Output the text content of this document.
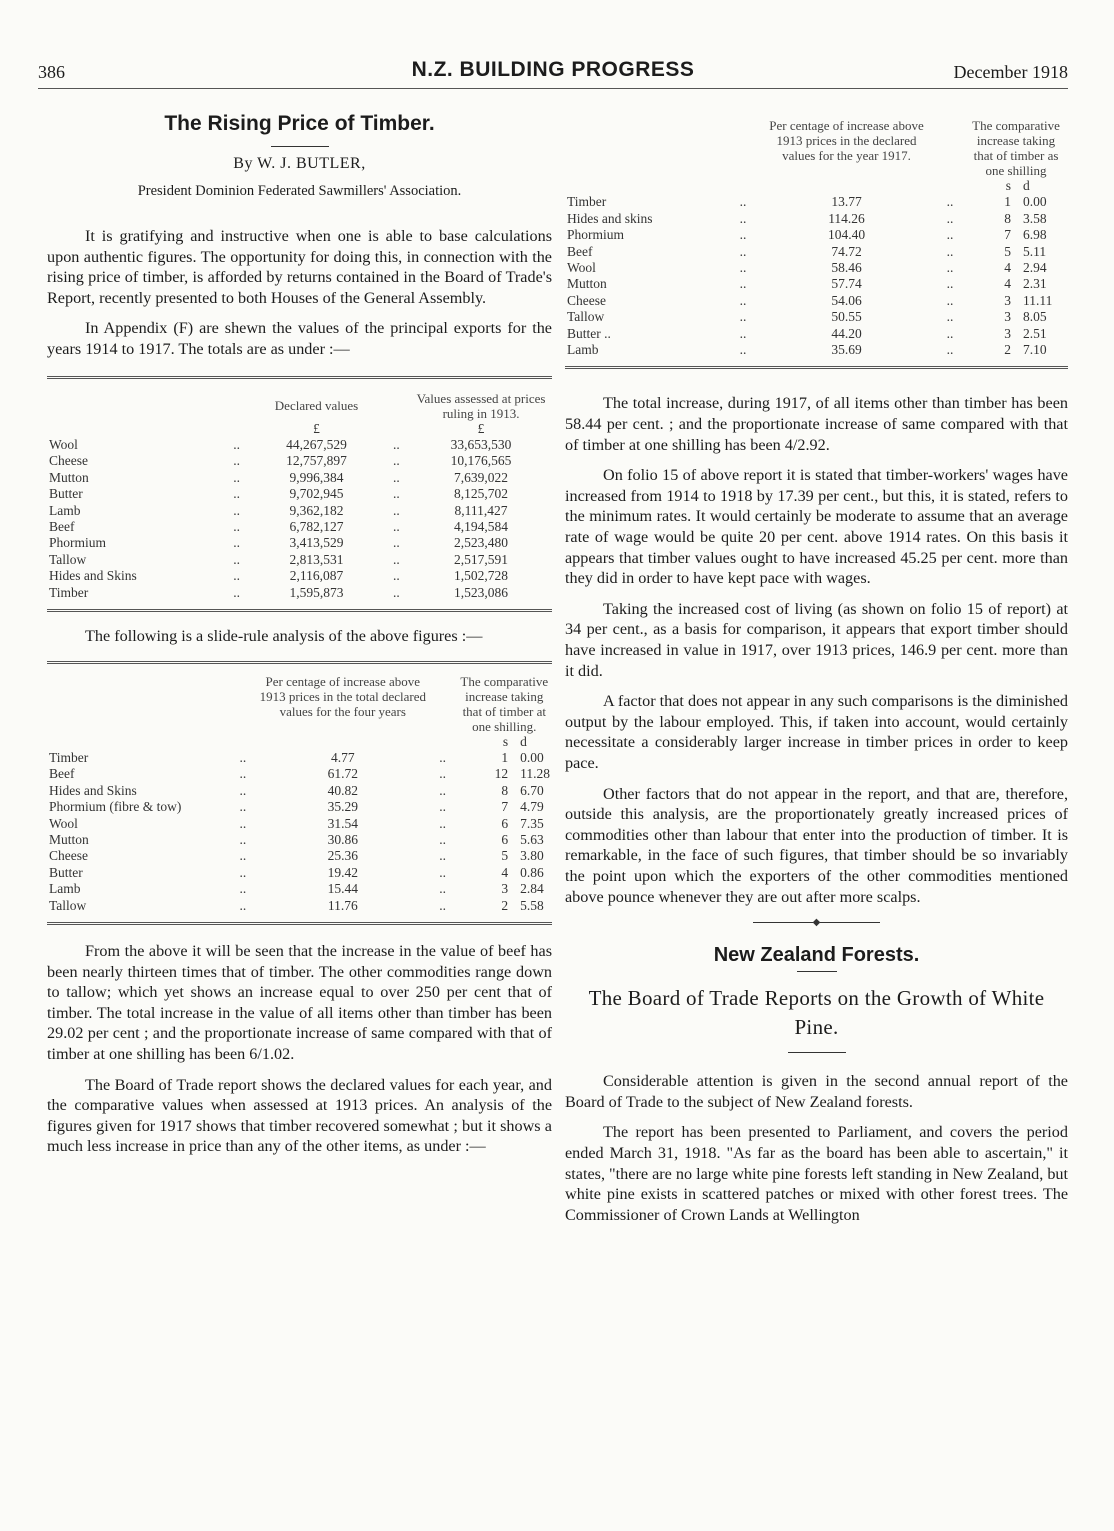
386	N.Z. BUILDING PROGRESS	December 1918
The Rising Price of Timber.
By W. J. BUTLER,
President Dominion Federated Sawmillers' Association.

It is gratifying and instructive when one is able to base calculations upon authentic figures. The opportunity for doing this, in connection with the rising price of timber, is afforded by returns contained in the Board of Trade's Report, recently presented to both Houses of the General Assembly.

In Appendix (F) are shewn the values of the principal exports for the years 1914 to 1917. The totals are as under :—

		Declared values		Values assessed at prices ruling in 1913.
		£		£
Wool	..	44,267,529	..	33,653,530
Cheese	..	12,757,897	..	10,176,565
Mutton	..	9,996,384	..	7,639,022
Butter	..	9,702,945	..	8,125,702
Lamb	..	9,362,182	..	8,111,427
Beef	..	6,782,127	..	4,194,584
Phormium	..	3,413,529	..	2,523,480
Tallow	..	2,813,531	..	2,517,591
Hides and Skins	..	2,116,087	..	1,502,728
Timber	..	1,595,873	..	1,523,086

The following is a slide-rule analysis of the above figures :—

		Per centage of increase above 1913 prices in the total declared values for the four years		The comparative increase taking that of timber at one shilling.	
				s	d
Timber	..	4.77	..	1	0.00
Beef	..	61.72	..	12	11.28
Hides and Skins	..	40.82	..	8	6.70
Phormium (fibre & tow)	..	35.29	..	7	4.79
Wool	..	31.54	..	6	7.35
Mutton	..	30.86	..	6	5.63
Cheese	..	25.36	..	5	3.80
Butter	..	19.42	..	4	0.86
Lamb	..	15.44	..	3	2.84
Tallow	..	11.76	..	2	5.58

From the above it will be seen that the increase in the value of beef has been nearly thirteen times that of timber. The other commodities range down to tallow; which yet shows an increase equal to over 250 per cent that of timber. The total increase in the value of all items other than timber has been 29.02 per cent ; and the proportionate increase of same compared with that of timber at one shilling has been 6/1.02.

The Board of Trade report shows the declared values for each year, and the comparative values when assessed at 1913 prices. An analysis of the figures given for 1917 shows that timber recovered somewhat ; but it shows a much less increase in price than any of the other items, as under :—

		Per centage of increase above 1913 prices in the declared values for the year 1917.		The comparative increase taking that of timber as one shilling	
				s	d
Timber	..	13.77	..	1	0.00
Hides and skins	..	114.26	..	8	3.58
Phormium	..	104.40	..	7	6.98
Beef	..	74.72	..	5	5.11
Wool	..	58.46	..	4	2.94
Mutton	..	57.74	..	4	2.31
Cheese	..	54.06	..	3	11.11
Tallow	..	50.55	..	3	8.05
Butter ..	..	44.20	..	3	2.51
Lamb	..	35.69	..	2	7.10

The total increase, during 1917, of all items other than timber has been 58.44 per cent. ; and the proportionate increase of same compared with that of timber at one shilling has been 4/2.92.

On folio 15 of above report it is stated that timber-workers' wages have increased from 1914 to 1918 by 17.39 per cent., but this, it is stated, refers to the minimum rates. It would certainly be moderate to assume that an average rate of wage would be quite 20 per cent. above 1914 rates. On this basis it appears that timber values ought to have increased 45.25 per cent. more than they did in order to have kept pace with wages.

Taking the increased cost of living (as shown on folio 15 of report) at 34 per cent., as a basis for comparison, it appears that export timber should have increased in value in 1917, over 1913 prices, 146.9 per cent. more than it did.

A factor that does not appear in any such comparisons is the diminished output by the labour employed. This, if taken into account, would certainly necessitate a considerably larger increase in timber prices in order to keep pace.

Other factors that do not appear in the report, and that are, therefore, outside this analysis, are the proportionately greatly increased prices of commodities other than labour that enter into the production of timber. It is remarkable, in the face of such figures, that timber should be so invariably the point upon which the exporters of the other commodities mentioned above pounce whenever they are out after more scalps.

◆
New Zealand Forests.
The Board of Trade Reports on the Growth of White Pine.

Considerable attention is given in the second annual report of the Board of Trade to the subject of New Zealand forests.

The report has been presented to Parliament, and covers the period ended March 31, 1918. "As far as the board has been able to ascertain," it states, "there are no large white pine forests left standing in New Zealand, but white pine exists in scattered patches or mixed with other forest trees. The Commissioner of Crown Lands at Wellington
